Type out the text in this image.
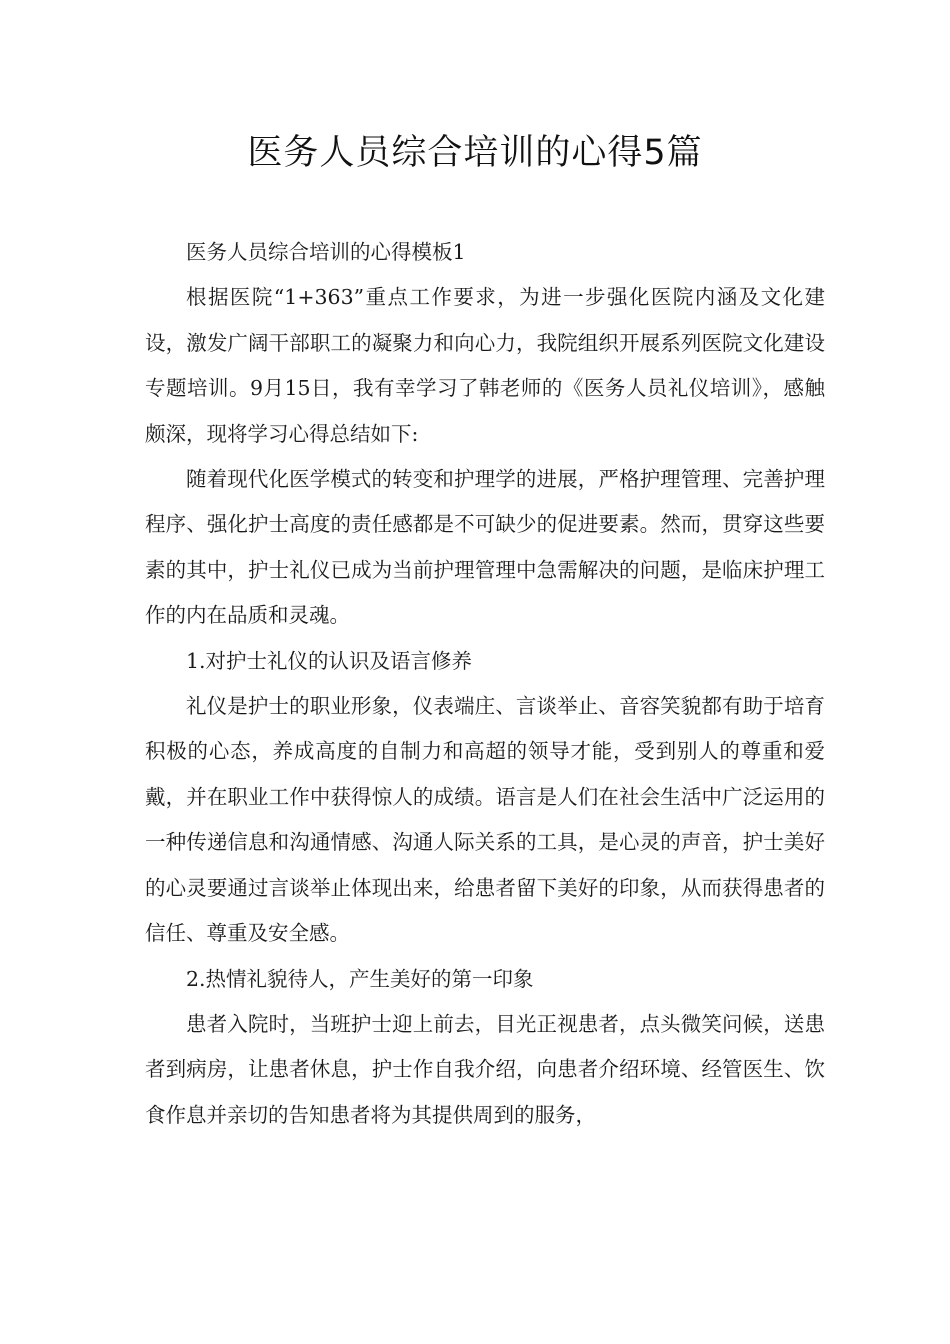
医务人员综合培训的心得5篇

医务人员综合培训的心得模板1

根据医院“1+363”重点工作要求，为进一步强化医院内涵及文化建设，激发广阔干部职工的凝聚力和向心力，我院组织开展系列医院文化建设专题培训。9月15日，我有幸学习了韩老师的《医务人员礼仪培训》，感触颇深，现将学习心得总结如下:

随着现代化医学模式的转变和护理学的进展，严格护理管理、完善护理程序、强化护士高度的责任感都是不可缺少的促进要素。然而，贯穿这些要素的其中，护士礼仪已成为当前护理管理中急需解决的问题，是临床护理工作的内在品质和灵魂。

1.对护士礼仪的认识及语言修养

礼仪是护士的职业形象，仪表端庄、言谈举止、音容笑貌都有助于培育积极的心态，养成高度的自制力和高超的领导才能，受到别人的尊重和爱戴，并在职业工作中获得惊人的成绩。语言是人们在社会生活中广泛运用的一种传递信息和沟通情感、沟通人际关系的工具，是心灵的声音，护士美好的心灵要通过言谈举止体现出来，给患者留下美好的印象，从而获得患者的信任、尊重及安全感。

2.热情礼貌待人，产生美好的第一印象

患者入院时，当班护士迎上前去，目光正视患者，点头微笑问候，送患者到病房，让患者休息，护士作自我介绍，向患者介绍环境、经管医生、饮食作息并亲切的告知患者将为其提供周到的服务，
